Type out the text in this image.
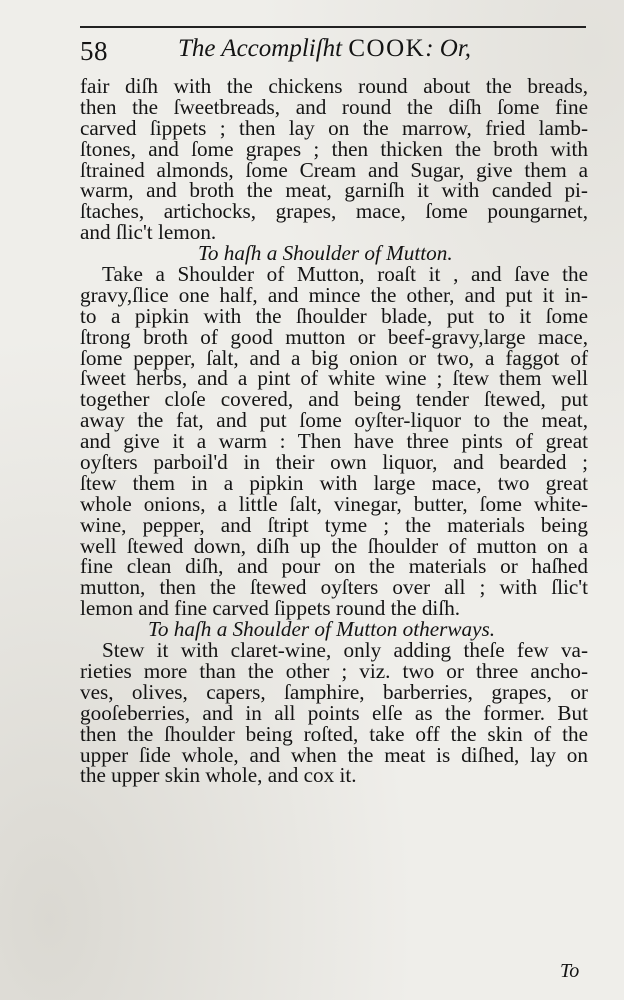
58	The Accompliſht COOK: Or,
fair diſh with the chickens round about the breads,
then the ſweetbreads, and round the diſh ſome fine
carved ſippets ; then lay on the marrow, fried lamb-
ſtones, and ſome grapes ; then thicken the broth with
ſtrained almonds, ſome Cream and Sugar, give them a
warm, and broth the meat, garniſh it with canded pi-
ſtaches, artichocks, grapes, mace, ſome poungarnet,
and ſlic't lemon.
To haſh a Shoulder of Mutton.
Take a Shoulder of Mutton, roaſt it , and ſave the
gravy,ſlice one half, and mince the other, and put it in-
to a pipkin with the ſhoulder blade, put to it ſome
ſtrong broth of good mutton or beef-gravy,large mace,
ſome pepper, ſalt, and a big onion or two, a faggot of
ſweet herbs, and a pint of white wine ; ſtew them well
together cloſe covered, and being tender ſtewed, put
away the fat, and put ſome oyſter-liquor to the meat,
and give it a warm : Then have three pints of great
oyſters parboil'd in their own liquor, and bearded ;
ſtew them in a pipkin with large mace, two great
whole onions, a little ſalt, vinegar, butter, ſome white-
wine, pepper, and ſtript tyme ; the materials being
well ſtewed down, diſh up the ſhoulder of mutton on a
fine clean diſh, and pour on the materials or haſhed
mutton, then the ſtewed oyſters over all ; with ſlic't
lemon and fine carved ſippets round the diſh.
To haſh a Shoulder of Mutton otherways.
Stew it with claret-wine, only adding theſe few va-
rieties more than the other ; viz. two or three ancho-
ves, olives, capers, ſamphire, barberries, grapes, or
gooſeberries, and in all points elſe as the former. But
then the ſhoulder being roſted, take off the skin of the
upper ſide whole, and when the meat is diſhed, lay on
the upper skin whole, and cox it.
To
